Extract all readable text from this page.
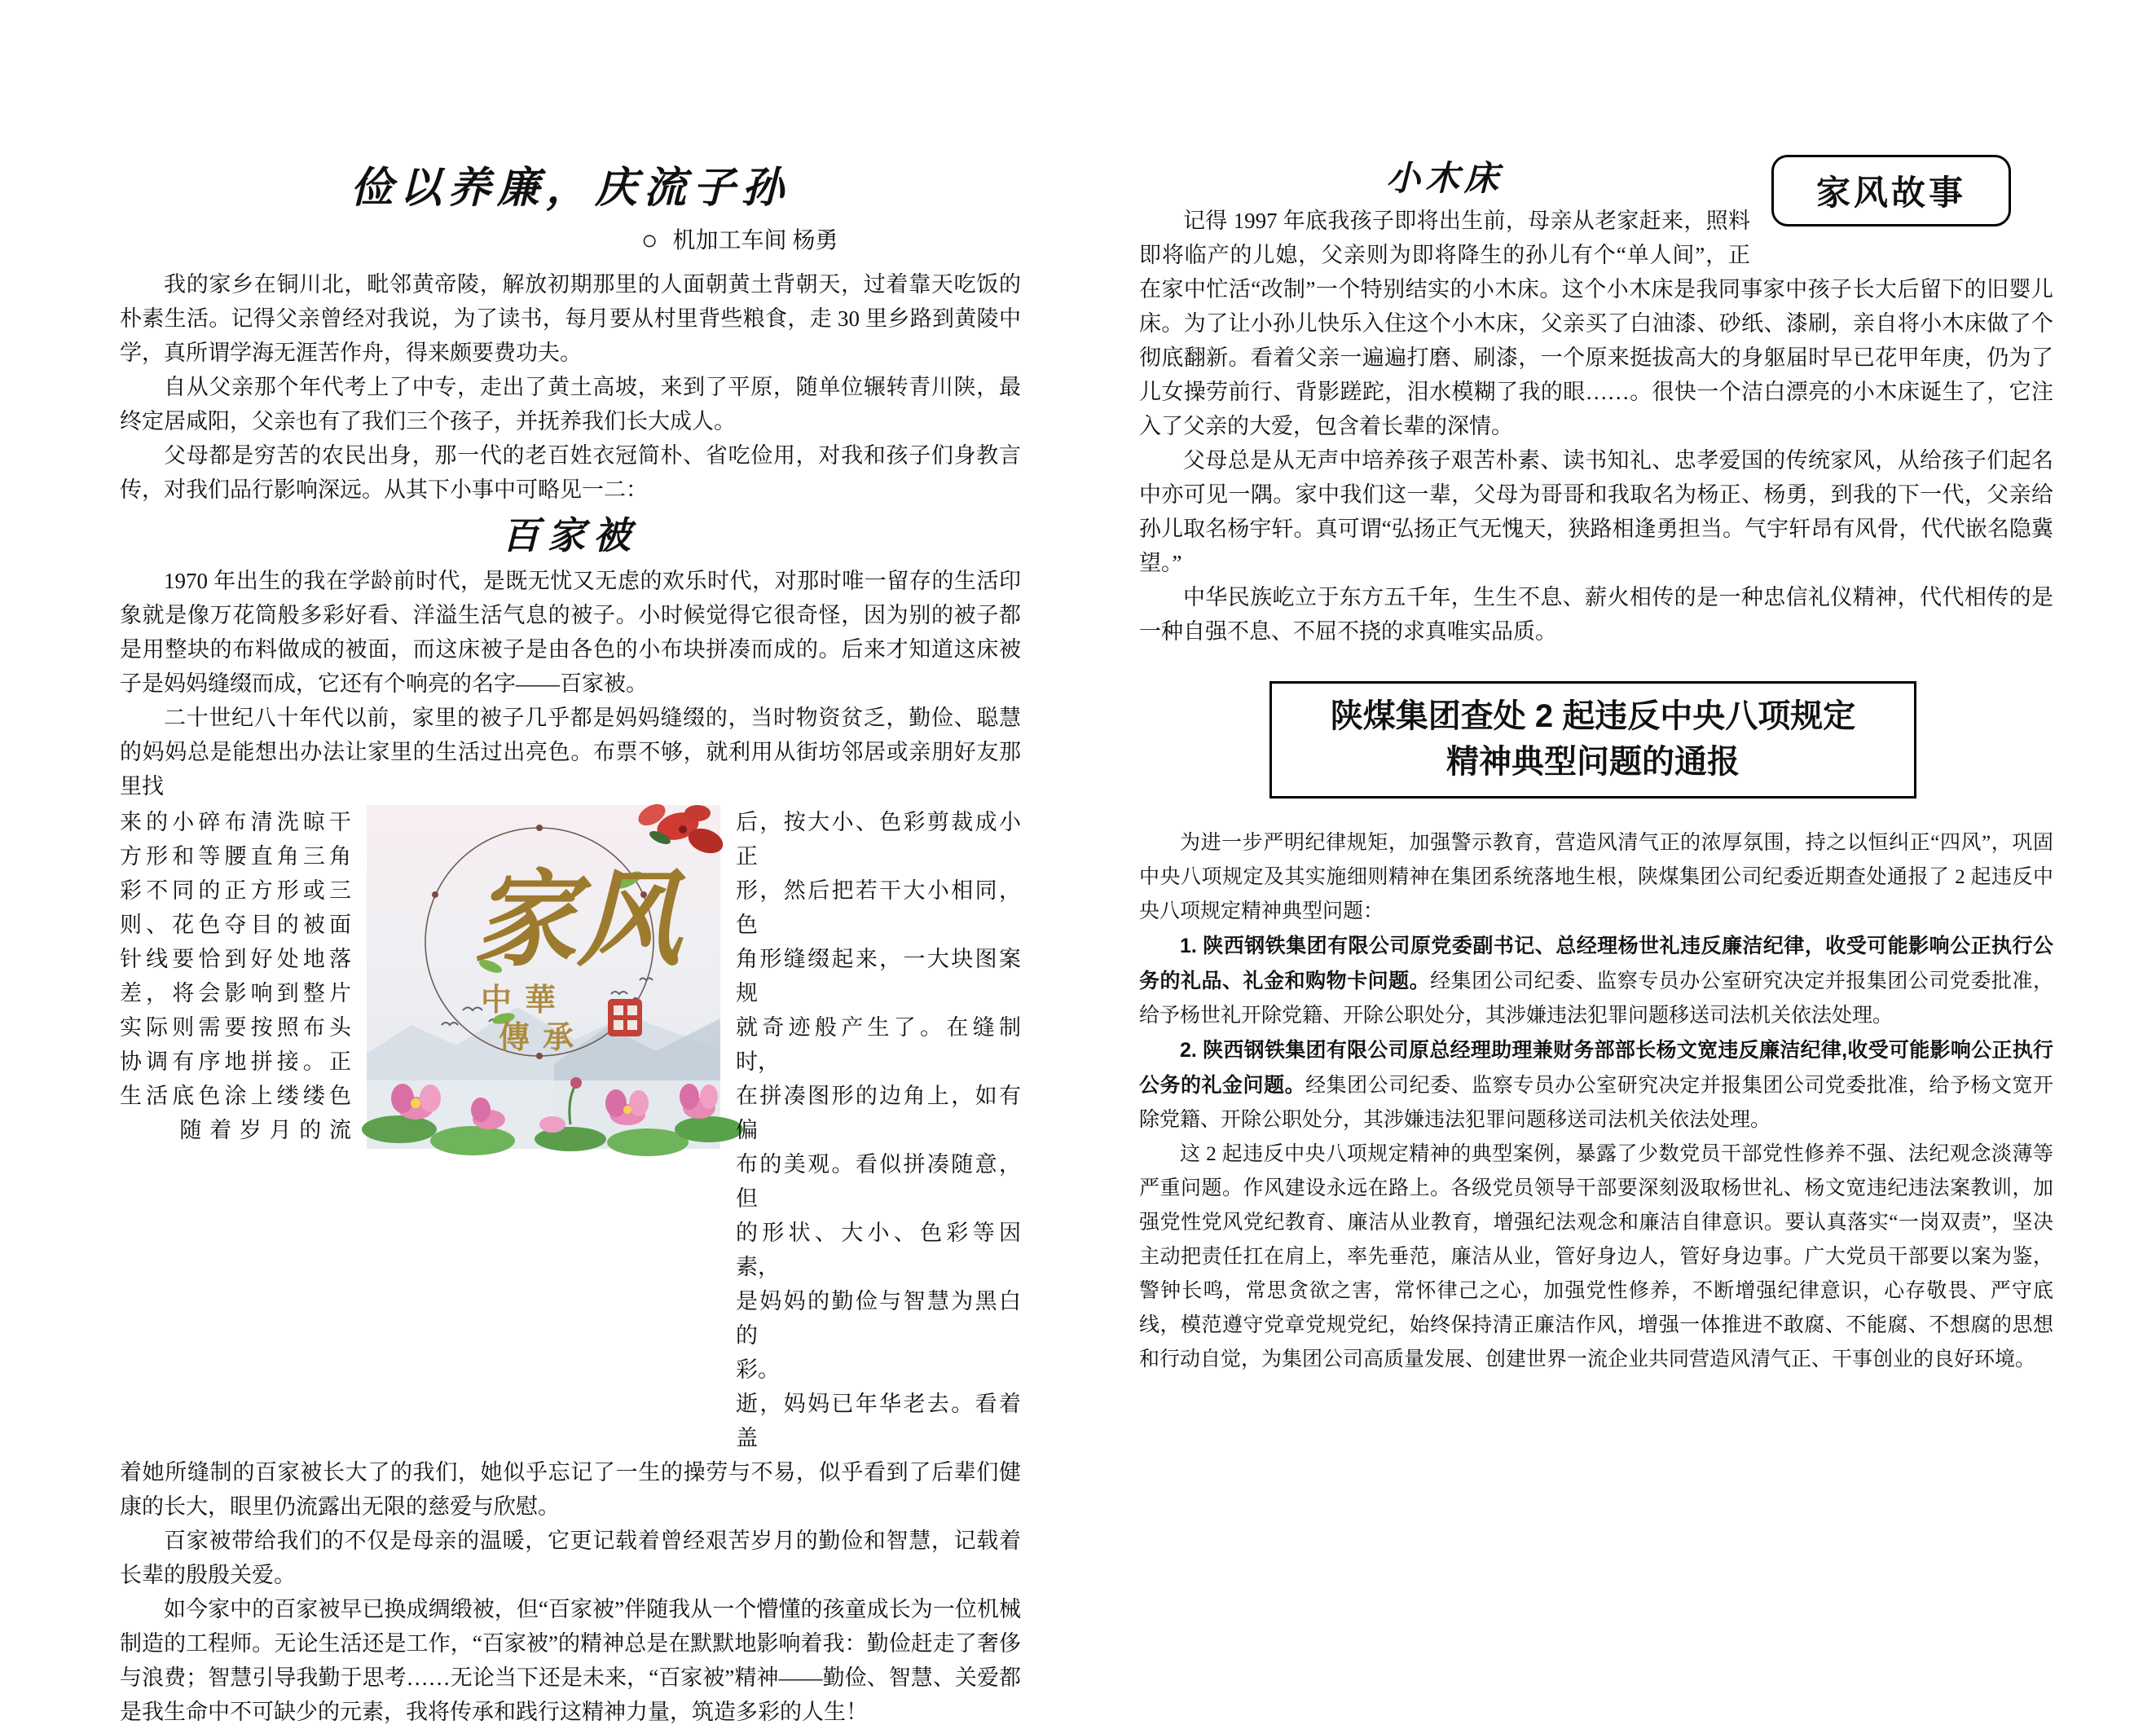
俭以养廉，庆流子孙
○ 机加工车间 杨勇

我的家乡在铜川北，毗邻黄帝陵，解放初期那里的人面朝黄土背朝天，过着靠天吃饭的朴素生活。记得父亲曾经对我说，为了读书，每月要从村里背些粮食，走 30 里乡路到黄陵中学，真所谓学海无涯苦作舟，得来颇要费功夫。

自从父亲那个年代考上了中专，走出了黄土高坡，来到了平原，随单位辗转青川陕，最终定居咸阳，父亲也有了我们三个孩子，并抚养我们长大成人。

父母都是穷苦的农民出身，那一代的老百姓衣冠简朴、省吃俭用，对我和孩子们身教言传，对我们品行影响深远。从其下小事中可略见一二：

百家被

1970 年出生的我在学龄前时代，是既无忧又无虑的欢乐时代，对那时唯一留存的生活印象就是像万花筒般多彩好看、洋溢生活气息的被子。小时候觉得它很奇怪，因为别的被子都是用整块的布料做成的被面，而这床被子是由各色的小布块拼凑而成的。后来才知道这床被子是妈妈缝缀而成，它还有个响亮的名字——百家被。

二十世纪八十年代以前，家里的被子几乎都是妈妈缝缀的，当时物资贫乏，勤俭、聪慧的妈妈总是能想出办法让家里的生活过出亮色。布票不够，就利用从街坊邻居或亲朋好友那里找

来的小碎布清洗晾干
方形和等腰直角三角
彩不同的正方形或三
则、花色夺目的被面
针线要恰到好处地落
差，将会影响到整片
实际则需要按照布头
协调有序地拼接。正
生活底色涂上缕缕色
　　随着岁月的流
家风
中華
傳承
后，按大小、色彩剪裁成小正
形，然后把若干大小相同，色
角形缝缀起来，一大块图案规
就奇迹般产生了。在缝制时，
在拼凑图形的边角上，如有偏
布的美观。看似拼凑随意，但
的形状、大小、色彩等因素，
是妈妈的勤俭与智慧为黑白的
彩。
逝，妈妈已年华老去。看着盖

着她所缝制的百家被长大了的我们，她似乎忘记了一生的操劳与不易，似乎看到了后辈们健康的长大，眼里仍流露出无限的慈爱与欣慰。

百家被带给我们的不仅是母亲的温暖，它更记载着曾经艰苦岁月的勤俭和智慧，记载着长辈的殷殷关爱。

如今家中的百家被早已换成绸缎被，但“百家被”伴随我从一个懵懂的孩童成长为一位机械制造的工程师。无论生活还是工作，“百家被”的精神总是在默默地影响着我：勤俭赶走了奢侈与浪费；智慧引导我勤于思考……无论当下还是未来，“百家被”精神——勤俭、智慧、关爱都是我生命中不可缺少的元素，我将传承和践行这精神力量，筑造多彩的人生！

家风故事
小木床

记得 1997 年底我孩子即将出生前，母亲从老家赶来，照料即将临产的儿媳，父亲则为即将降生的孙儿有个“单人间”，正在家中忙活“改制”一个特别结实的小木床。这个小木床是我同事家中孩子长大后留下的旧婴儿床。为了让小孙儿快乐入住这个小木床，父亲买了白油漆、砂纸、漆刷，亲自将小木床做了个彻底翻新。看着父亲一遍遍打磨、刷漆，一个原来挺拔高大的身躯届时早已花甲年庚，仍为了儿女操劳前行、背影蹉跎，泪水模糊了我的眼……。很快一个洁白漂亮的小木床诞生了，它注入了父亲的大爱，包含着长辈的深情。

父母总是从无声中培养孩子艰苦朴素、读书知礼、忠孝爱国的传统家风，从给孩子们起名中亦可见一隅。家中我们这一辈，父母为哥哥和我取名为杨正、杨勇，到我的下一代，父亲给孙儿取名杨宇轩。真可谓“弘扬正气无愧天，狭路相逢勇担当。气宇轩昂有风骨，代代嵌名隐冀望。”

中华民族屹立于东方五千年，生生不息、薪火相传的是一种忠信礼仪精神，代代相传的是一种自强不息、不屈不挠的求真唯实品质。

陕煤集团查处 2 起违反中央八项规定
精神典型问题的通报

为进一步严明纪律规矩，加强警示教育，营造风清气正的浓厚氛围，持之以恒纠正“四风”，巩固中央八项规定及其实施细则精神在集团系统落地生根，陕煤集团公司纪委近期查处通报了 2 起违反中央八项规定精神典型问题：

1. 陕西钢铁集团有限公司原党委副书记、总经理杨世礼违反廉洁纪律，收受可能影响公正执行公务的礼品、礼金和购物卡问题。经集团公司纪委、监察专员办公室研究决定并报集团公司党委批准，给予杨世礼开除党籍、开除公职处分，其涉嫌违法犯罪问题移送司法机关依法处理。

2. 陕西钢铁集团有限公司原总经理助理兼财务部部长杨文宽违反廉洁纪律,收受可能影响公正执行公务的礼金问题。经集团公司纪委、监察专员办公室研究决定并报集团公司党委批准，给予杨文宽开除党籍、开除公职处分，其涉嫌违法犯罪问题移送司法机关依法处理。

这 2 起违反中央八项规定精神的典型案例，暴露了少数党员干部党性修养不强、法纪观念淡薄等严重问题。作风建设永远在路上。各级党员领导干部要深刻汲取杨世礼、杨文宽违纪违法案教训，加强党性党风党纪教育、廉洁从业教育，增强纪法观念和廉洁自律意识。要认真落实“一岗双责”，坚决主动把责任扛在肩上，率先垂范，廉洁从业，管好身边人，管好身边事。广大党员干部要以案为鉴，警钟长鸣，常思贪欲之害，常怀律己之心，加强党性修养，不断增强纪律意识，心存敬畏、严守底线，模范遵守党章党规党纪，始终保持清正廉洁作风，增强一体推进不敢腐、不能腐、不想腐的思想和行动自觉，为集团公司高质量发展、创建世界一流企业共同营造风清气正、干事创业的良好环境。
